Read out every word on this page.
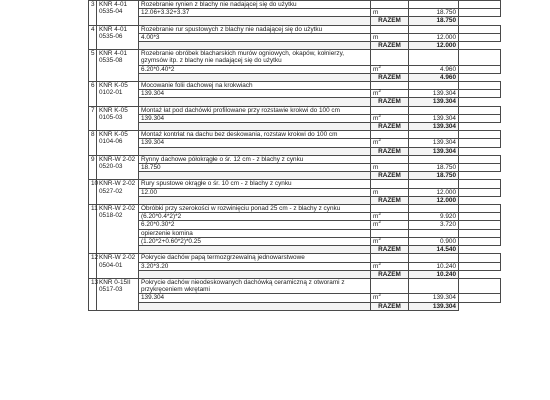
3	KNR 4-01 0535-04	Rozebranie rynien z blachy nie nadającej się do użytku			

		12.06+3.32+3.37	m	18.750	
			RAZEM	18.750	
4	KNR 4-01 0535-06	Rozebranie rur spustowych z blachy nie nadającej się do użytku			

		4.00*3	m	12.000	
			RAZEM	12.000	
5	KNR 4-01 0535-08	Rozebranie obróbek blacharskich murów ogniowych, okapów, kołnierzy,
gzymsów itp. z blachy nie nadającej się do użytku			

		6.20*0.40*2	$m^2$	4.960	
			RAZEM	4.960	
6	KNR K-05 0102-01	Mocowanie folii dachowej na krokwiach			

		139.304	$m^2$	139.304	
			RAZEM	139.304	
7	KNR K-05 0105-03	Montaż łat pod dachówki profilowane przy rozstawie krokwi do 100 cm			

		139.304	$m^2$	139.304	
			RAZEM	139.304	
8	KNR K-05 0104-06	Montaż kontrłat na dachu bez deskowania, rozstaw krokwi do 100 cm			

		139.304	$m^2$	139.304	
			RAZEM	139.304	
9	KNR-W 2-02 0520-03	Rynny dachowe półokrągłe o śr. 12 cm - z blachy z cynku			

		18.750	m	18.750	
			RAZEM	18.750	
10	KNR-W 2-02 0527-02	Rury spustowe okrągłe o śr. 10 cm - z blachy z cynku			

		12.00	m	12.000	
			RAZEM	12.000	
11	KNR-W 2-02 0518-02	Obróbki przy szerokości w rozwinięciu ponad 25 cm - z blachy z cynku			

		(6.20*0.4*2)*2	$m^2$	9.920	
		6.20*0.30*2	$m^2$	3.720	
		opierzenie komina			
		(1.20*2+0.60*2)*0.25	$m^2$	0.900	
			RAZEM	14.540	
12	KNR-W 2-02 0504-01	Pokrycie dachów papą termozgrzewalną jednowarstwowe			

		3.20*3.20	$m^2$	10.240	
			RAZEM	10.240	
13	KNR 0-15II 0517-03	Pokrycie dachów nieodeskowanych dachówką ceramiczną z otworami z
przykręceniem wkrętami			

		139.304	$m^2$	139.304	
			RAZEM	139.304	
